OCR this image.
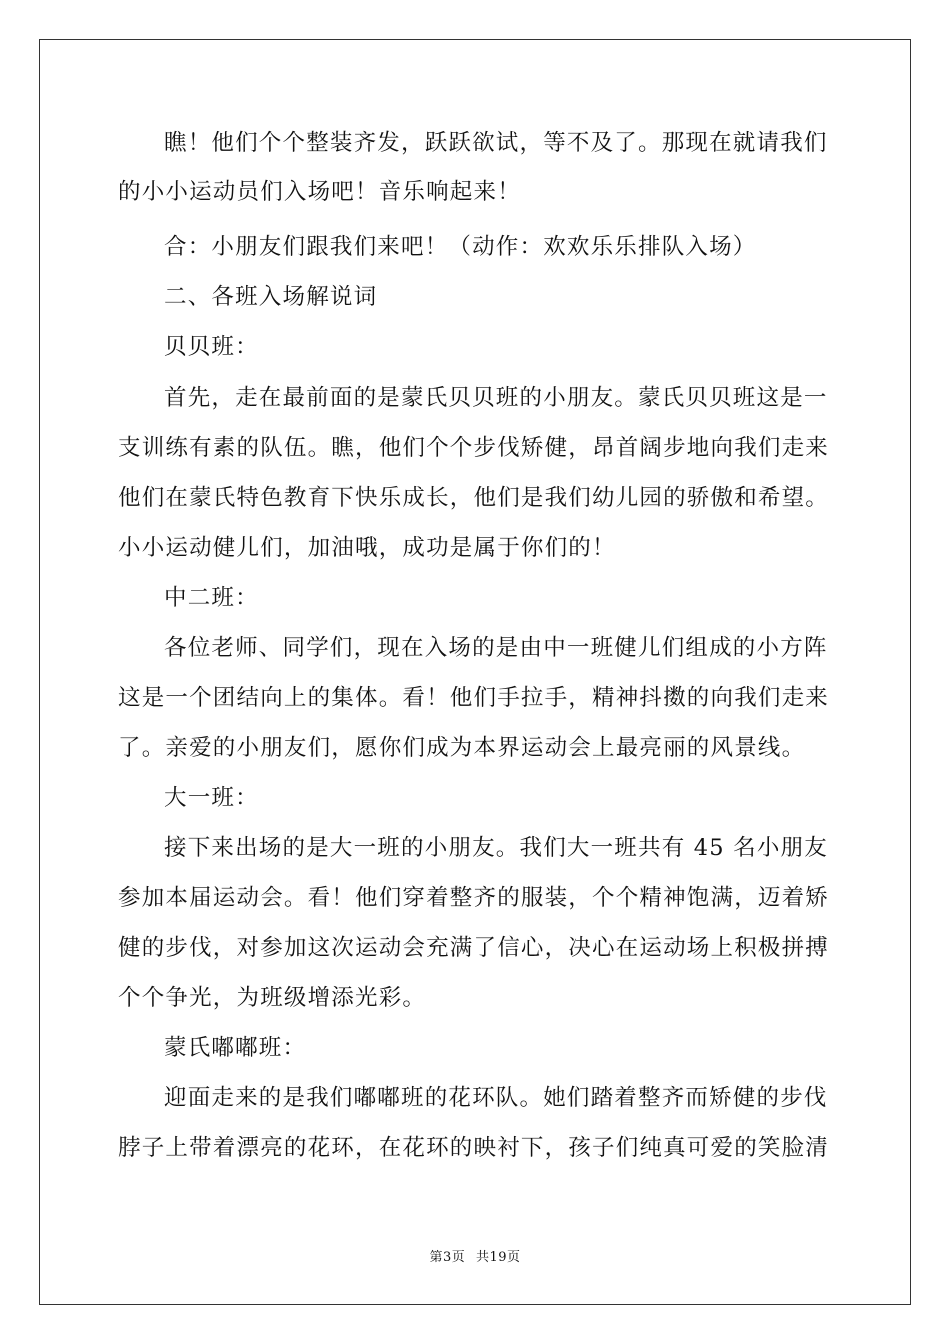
瞧！他们个个整装齐发，跃跃欲试，等不及了。那现在就请我们
的小小运动员们入场吧！音乐响起来！
合：小朋友们跟我们来吧！（动作：欢欢乐乐排队入场）
二、各班入场解说词
贝贝班：
首先，走在最前面的是蒙氏贝贝班的小朋友。蒙氏贝贝班这是一
支训练有素的队伍。瞧，他们个个步伐矫健，昂首阔步地向我们走来
他们在蒙氏特色教育下快乐成长，他们是我们幼儿园的骄傲和希望。
小小运动健儿们，加油哦，成功是属于你们的！
中二班：
各位老师、同学们，现在入场的是由中一班健儿们组成的小方阵
这是一个团结向上的集体。看！他们手拉手，精神抖擞的向我们走来
了。亲爱的小朋友们，愿你们成为本界运动会上最亮丽的风景线。
大一班：
接下来出场的是大一班的小朋友。我们大一班共有 45 名小朋友
参加本届运动会。看！他们穿着整齐的服装，个个精神饱满，迈着矫
健的步伐，对参加这次运动会充满了信心，决心在运动场上积极拼搏
个个争光，为班级增添光彩。
蒙氏嘟嘟班：
迎面走来的是我们嘟嘟班的花环队。她们踏着整齐而矫健的步伐
脖子上带着漂亮的花环，在花环的映衬下，孩子们纯真可爱的笑脸清
第3页 共19页
